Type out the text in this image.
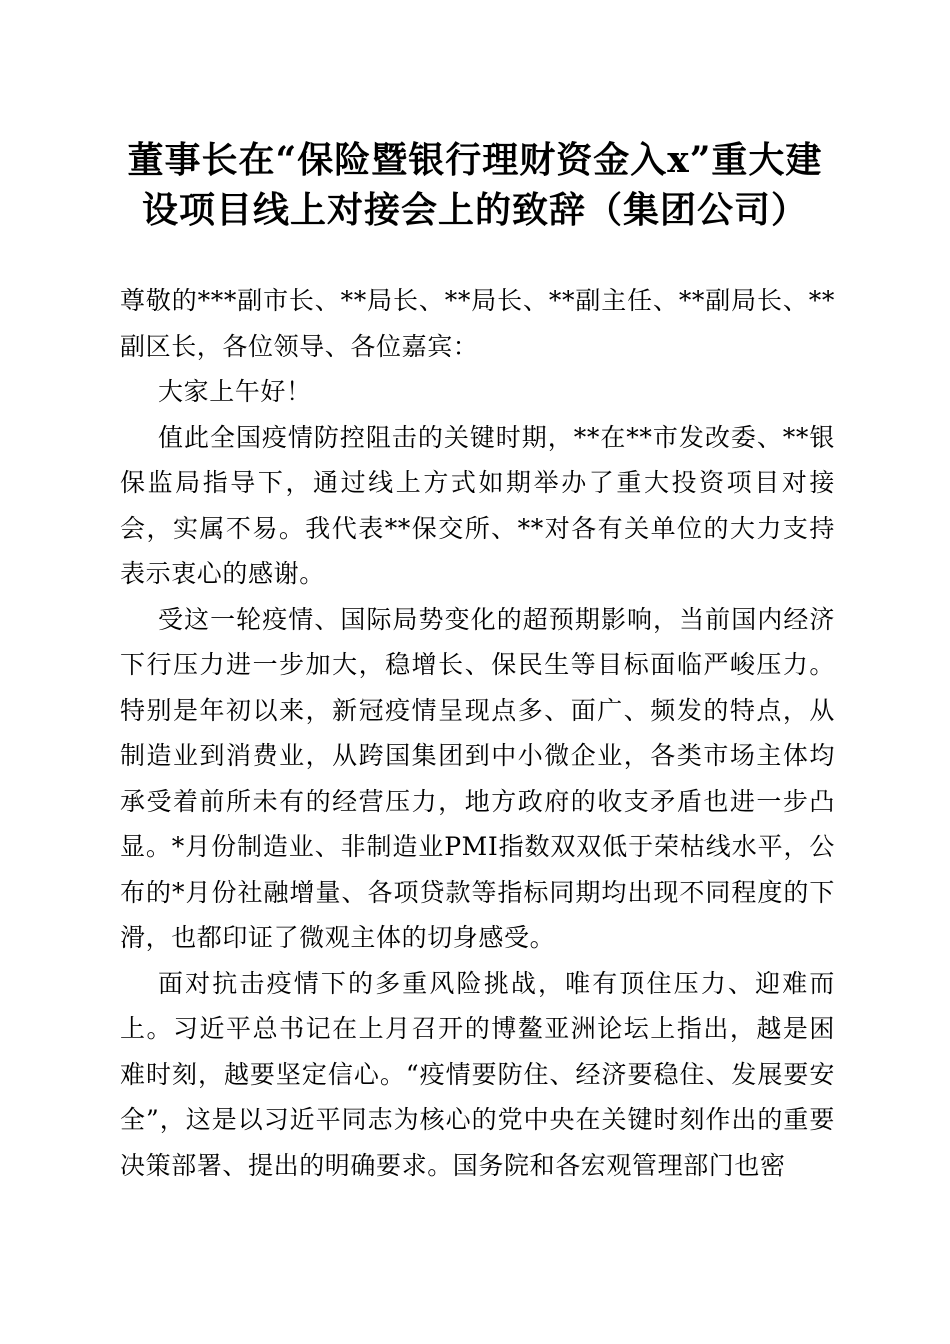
董事长在“保险暨银行理财资金入x”重大建
设项目线上对接会上的致辞（集团公司）

尊敬的***副市长、**局长、**局长、**副主任、**副局长、**副区长，各位领导、各位嘉宾：

大家上午好！

值此全国疫情防控阻击的关键时期，**在**市发改委、**银保监局指导下，通过线上方式如期举办了重大投资项目对接会，实属不易。我代表**保交所、**对各有关单位的大力支持表示衷心的感谢。

受这一轮疫情、国际局势变化的超预期影响，当前国内经济下行压力进一步加大，稳增长、保民生等目标面临严峻压力。特别是年初以来，新冠疫情呈现点多、面广、频发的特点，从制造业到消费业，从跨国集团到中小微企业，各类市场主体均承受着前所未有的经营压力，地方政府的收支矛盾也进一步凸显。*月份制造业、非制造业PMI指数双双低于荣枯线水平，公布的*月份社融增量、各项贷款等指标同期均出现不同程度的下滑，也都印证了微观主体的切身感受。

面对抗击疫情下的多重风险挑战，唯有顶住压力、迎难而上。习近平总书记在上月召开的博鳌亚洲论坛上指出，越是困难时刻，越要坚定信心。“疫情要防住、经济要稳住、发展要安全”，这是以习近平同志为核心的党中央在关键时刻作出的重要决策部署、提出的明确要求。国务院和各宏观管理部门也密
